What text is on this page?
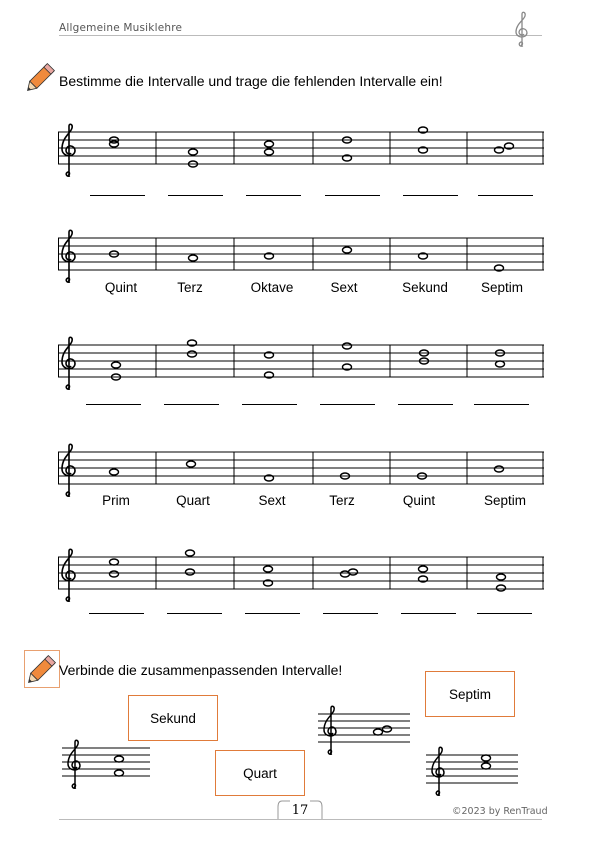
Allgemeine Musiklehre
Bestimme die Intervalle und trage die fehlenden Intervalle ein!
Quint	Terz	Oktave	Sext	Sekund	Septim
Prim	Quart	Sext	Terz	Quint	Septim
Verbinde die zusammenpassenden Intervalle!
Sekund
Septim
Quart
17	©2023 by RenTraud
